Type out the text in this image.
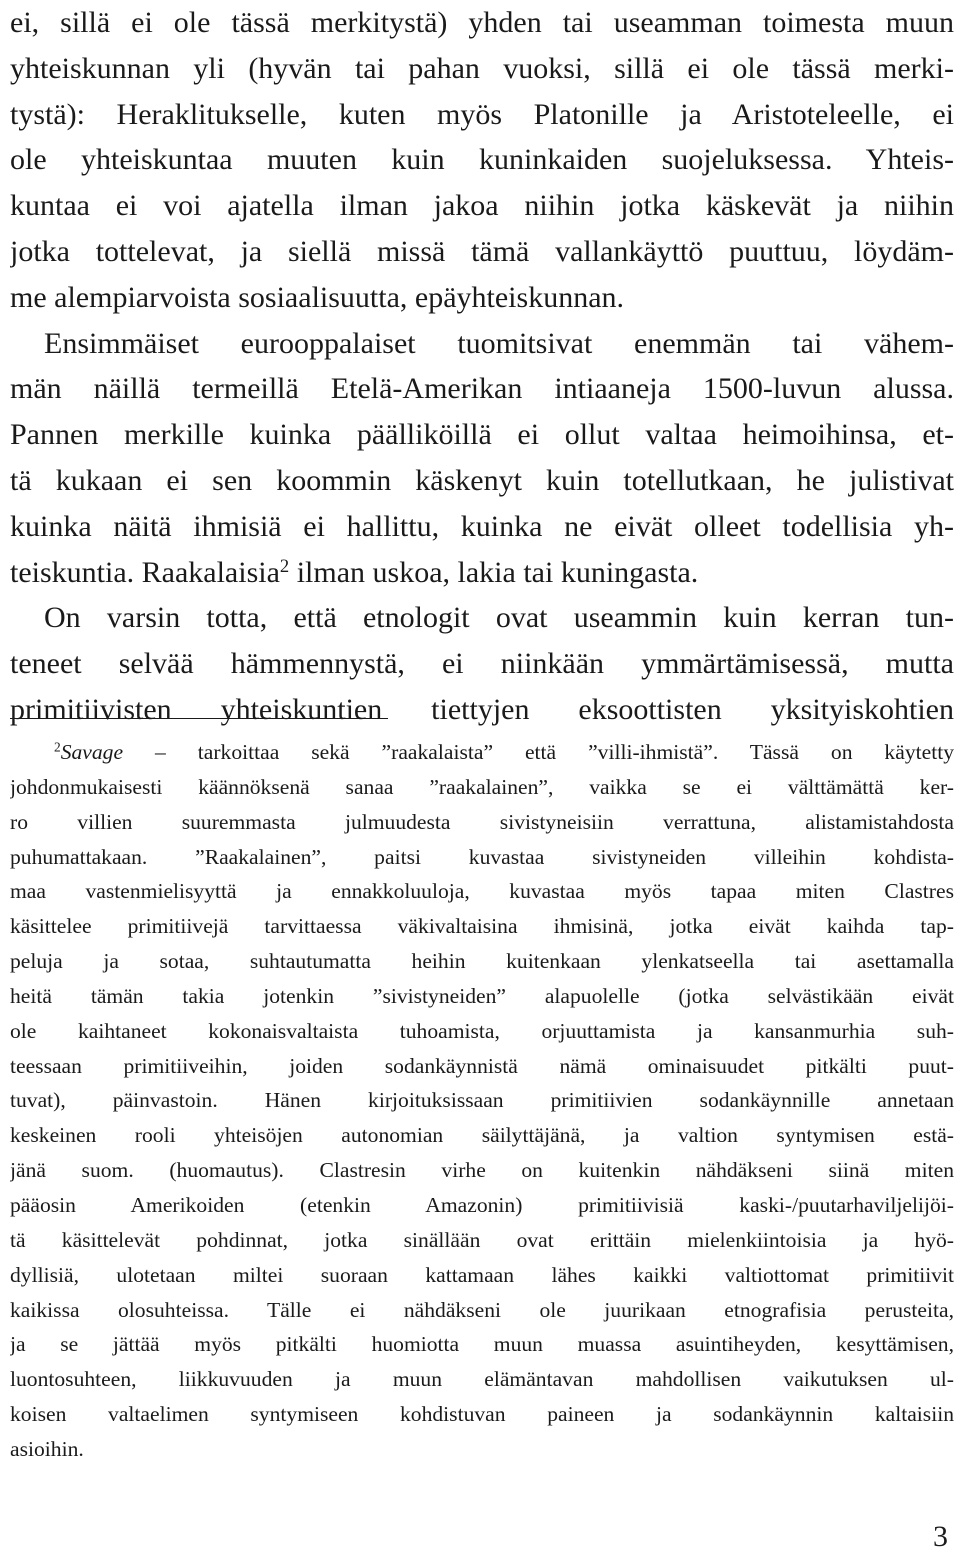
ei, sillä ei ole tässä merkitystä) yhden tai useamman toimesta muun
yhteiskunnan yli (hyvän tai pahan vuoksi, sillä ei ole tässä merki-
tystä): Heraklitukselle, kuten myös Platonille ja Aristoteleelle, ei
ole yhteiskuntaa muuten kuin kuninkaiden suojeluksessa. Yhteis-
kuntaa ei voi ajatella ilman jakoa niihin jotka käskevät ja niihin
jotka tottelevat, ja siellä missä tämä vallankäyttö puuttuu, löydäm-
me alempiarvoista sosiaalisuutta, epäyhteiskunnan.
Ensimmäiset eurooppalaiset tuomitsivat enemmän tai vähem-
män näillä termeillä Etelä-Amerikan intiaaneja 1500-luvun alussa.
Pannen merkille kuinka päälliköillä ei ollut valtaa heimoihinsa, et-
tä kukaan ei sen koommin käskenyt kuin totellutkaan, he julistivat
kuinka näitä ihmisiä ei hallittu, kuinka ne eivät olleet todellisia yh-
teiskuntia. Raakalaisia$^2$ ilman uskoa, lakia tai kuningasta.
On varsin totta, että etnologit ovat useammin kuin kerran tun-
teneet selvää hämmennystä, ei niinkään ymmärtämisessä, mutta
primitiivisten yhteiskuntien tiettyjen eksoottisten yksityiskohtien
$^2$Savage – tarkoittaa sekä ”raakalaista” että ”villi-ihmistä”. Tässä on käytetty
johdonmukaisesti käännöksenä sanaa ”raakalainen”, vaikka se ei välttämättä ker-
ro villien suuremmasta julmuudesta sivistyneisiin verrattuna, alistamistahdosta
puhumattakaan. ”Raakalainen”, paitsi kuvastaa sivistyneiden villeihin kohdista-
maa vastenmielisyyttä ja ennakkoluuloja, kuvastaa myös tapaa miten Clastres
käsittelee primitiivejä tarvittaessa väkivaltaisina ihmisinä, jotka eivät kaihda tap-
peluja ja sotaa, suhtautumatta heihin kuitenkaan ylenkatseella tai asettamalla
heitä tämän takia jotenkin ”sivistyneiden” alapuolelle (jotka selvästikään eivät
ole kaihtaneet kokonaisvaltaista tuhoamista, orjuuttamista ja kansanmurhia suh-
teessaan primitiiveihin, joiden sodankäynnistä nämä ominaisuudet pitkälti puut-
tuvat), päinvastoin. Hänen kirjoituksissaan primitiivien sodankäynnille annetaan
keskeinen rooli yhteisöjen autonomian säilyttäjänä, ja valtion syntymisen estä-
jänä suom. (huomautus). Clastresin virhe on kuitenkin nähdäkseni siinä miten
pääosin Amerikoiden (etenkin Amazonin) primitiivisiä kaski-/puutarhaviljelijöi-
tä käsittelevät pohdinnat, jotka sinällään ovat erittäin mielenkiintoisia ja hyö-
dyllisiä, ulotetaan miltei suoraan kattamaan lähes kaikki valtiottomat primitiivit
kaikissa olosuhteissa. Tälle ei nähdäkseni ole juurikaan etnografisia perusteita,
ja se jättää myös pitkälti huomiotta muun muassa asuintiheyden, kesyttämisen,
luontosuhteen, liikkuvuuden ja muun elämäntavan mahdollisen vaikutuksen ul-
koisen valtaelimen syntymiseen kohdistuvan paineen ja sodankäynnin kaltaisiin
asioihin.
3
